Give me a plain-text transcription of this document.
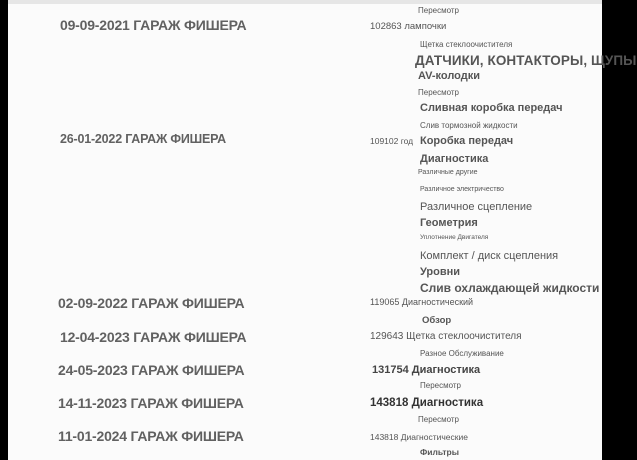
09-09-2021 ГАРАЖ ФИШЕРА
26-01-2022 ГАРАЖ ФИШЕРА
02-09-2022 ГАРАЖ ФИШЕРА
12-04-2023 ГАРАЖ ФИШЕРА
24-05-2023 ГАРАЖ ФИШЕРА
14-11-2023 ГАРАЖ ФИШЕРА
11-01-2024 ГАРАЖ ФИШЕРА
102863 лампочки
109102 год
119065 Диагностический
129643 Щетка стеклоочистителя
131754 Диагностика
143818 Диагностика
143818 Диагностические
Пересмотр
Щетка стеклоочистителя
ДАТЧИКИ, КОНТАКТОРЫ, ЩУПЫ
AV-колодки
Пересмотр
Сливная коробка передач
Слив тормозной жидкости
Коробка передач
Диагностика
Различные другие
Различное электричество
Различное сцепление
Геометрия
Уплотнение Двигателя
Комплект / диск сцепления
Уровни
Слив охлаждающей жидкости
Обзор
Разное Обслуживание
Пересмотр
Пересмотр
Фильтры
